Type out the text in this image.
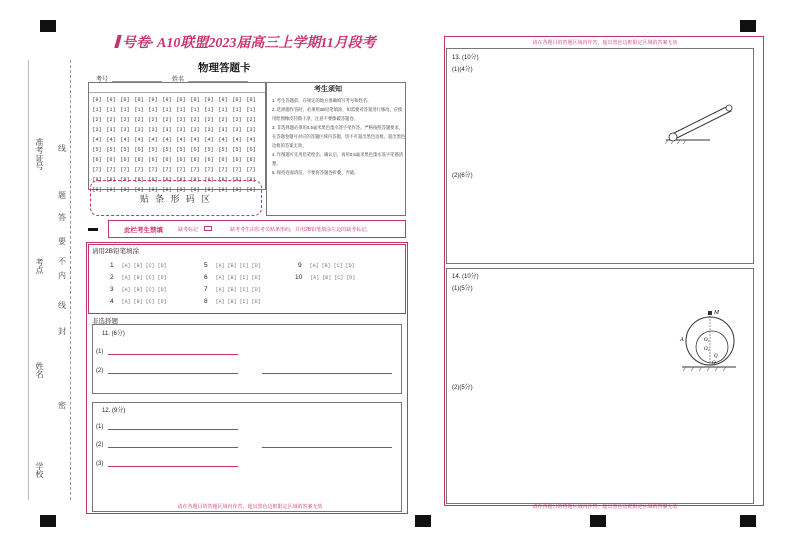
准考证号
考点
姓名
学校
线
题
答
要
不
内
线
封
密
号卷· A10联盟2023届高三上学期11月段考
物理答题卡
考号	姓名
[0] [0] [0] [0] [0] [0] [0] [0] [0] [0] [0] [0]
[1] [1] [1] [1] [1] [1] [1] [1] [1] [1] [1] [1]
[2] [2] [2] [2] [2] [2] [2] [2] [2] [2] [2] [2]
[3] [3] [3] [3] [3] [3] [3] [3] [3] [3] [3] [3]
[4] [4] [4] [4] [4] [4] [4] [4] [4] [4] [4] [4]
[5] [5] [5] [5] [5] [5] [5] [5] [5] [5] [5] [5]
[6] [6] [6] [6] [6] [6] [6] [6] [6] [6] [6] [6]
[7] [7] [7] [7] [7] [7] [7] [7] [7] [7] [7] [7]
[8] [8] [8] [8] [8] [8] [8] [8] [8] [8] [8] [8]
[9] [9] [9] [9] [9] [9] [9] [9] [9] [9] [9] [9]
考生须知
1. 考生答题前，在规定的地方准确填写考号和姓名。
2. 选择题作答时，必须用2B铅笔填涂，如需要对答案进行修改，应使用绘图橡皮轻擦干净，注意不要擦破答题卷。
3. 非选择题必须用0.5毫米黑色墨水签字笔作答。严格按照答题要求，在答题卷题号对应的答题区域内答题，切不可超出黑色边框，超出黑色边框的答案无效。
4. 作图题可先用铅笔绘出，确认后，再用0.5毫米黑色墨水签字笔描清楚。
5. 保持卷面清洁，不要将答题卷折叠、弄破。
贴 条 形 码 区
此栏考生禁填	缺考标记	缺考考生由监考员贴条形码，并用2B铅笔填涂左边的缺考标记。
请用2B铅笔填涂
1 [A] [B] [C] [D]
2 [A] [B] [C] [D]
3 [A] [B] [C] [D]
4 [A] [B] [C] [D]
5 [A] [B] [C] [D]
6 [A] [B] [C] [D]
7 [A] [B] [C] [D]
8 [A] [B] [C] [D]
9 [A] [B] [C] [D]
10 [A] [B] [C] [D]
非选择题
11. (6分)
(1)
(2)
12. (9分)
(1)
(2)
(3)
请在各题目的答题区域内作答，超出黑色边框限定区域的答案无效
请在各题目的答题区域内作答，超出黑色边框限定区域的答案无效
13. (10分)
(1)(4分)
(2)(6分)
14. (10分)
(1)(5分)
(2)(5分)
M
A	O₁
O₂
Q
O
请在各题目的答题区域内作答，超出黑色边框限定区域的答案无效
